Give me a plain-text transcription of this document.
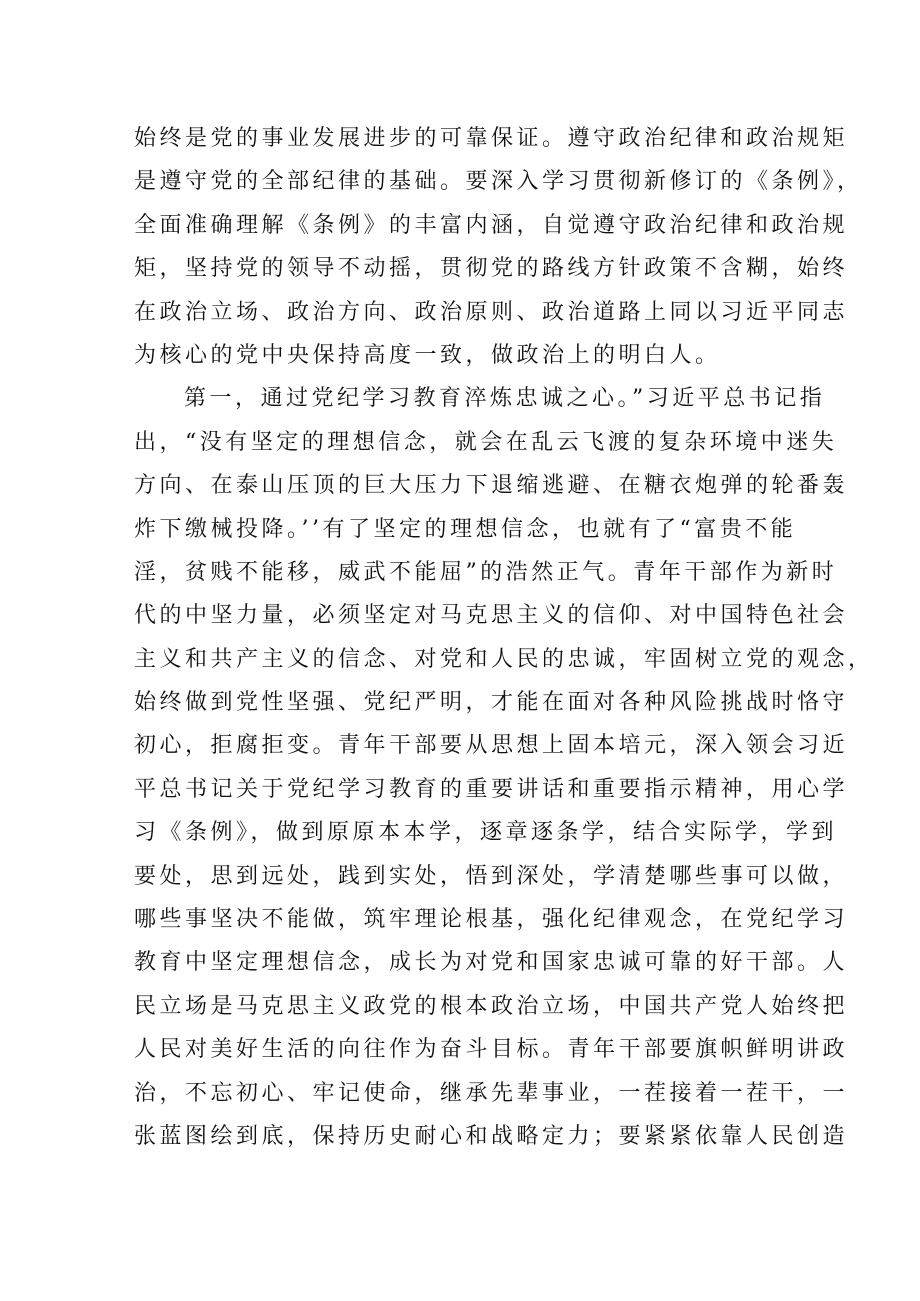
始终是党的事业发展进步的可靠保证。遵守政治纪律和政治规矩
是遵守党的全部纪律的基础。要深入学习贯彻新修订的《条例》，
全面准确理解《条例》的丰富内涵，自觉遵守政治纪律和政治规
矩，坚持党的领导不动摇，贯彻党的路线方针政策不含糊，始终
在政治立场、政治方向、政治原则、政治道路上同以习近平同志
为核心的党中央保持高度一致，做政治上的明白人。
第一，通过党纪学习教育淬炼忠诚之心。”习近平总书记指
出，“没有坚定的理想信念，就会在乱云飞渡的复杂环境中迷失
方向、在泰山压顶的巨大压力下退缩逃避、在糖衣炮弹的轮番轰
炸下缴械投降。’’有了坚定的理想信念，也就有了“富贵不能
淫，贫贱不能移，威武不能屈”的浩然正气。青年干部作为新时
代的中坚力量，必须坚定对马克思主义的信仰、对中国特色社会
主义和共产主义的信念、对党和人民的忠诚，牢固树立党的观念，
始终做到党性坚强、党纪严明，才能在面对各种风险挑战时恪守
初心，拒腐拒变。青年干部要从思想上固本培元，深入领会习近
平总书记关于党纪学习教育的重要讲话和重要指示精神，用心学
习《条例》，做到原原本本学，逐章逐条学，结合实际学，学到
要处，思到远处，践到实处，悟到深处，学清楚哪些事可以做，
哪些事坚决不能做，筑牢理论根基，强化纪律观念，在党纪学习
教育中坚定理想信念，成长为对党和国家忠诚可靠的好干部。人
民立场是马克思主义政党的根本政治立场，中国共产党人始终把
人民对美好生活的向往作为奋斗目标。青年干部要旗帜鲜明讲政
治，不忘初心、牢记使命，继承先辈事业，一茬接着一茬干，一
张蓝图绘到底，保持历史耐心和战略定力；要紧紧依靠人民创造
